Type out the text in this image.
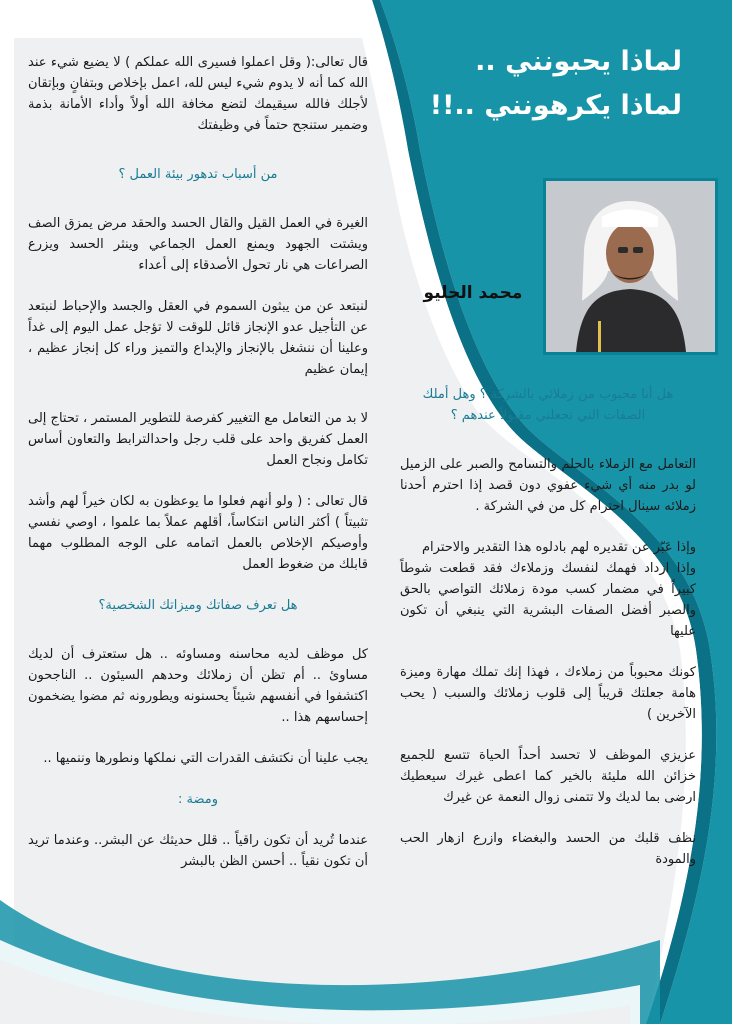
لماذا يحبونني ..
لماذا يكرهونني ..!!
محمد الحليو

قال تعالى:( وقل اعملوا فسيرى الله عملكم ) لا يضيع شيء عند الله كما أنه لا يدوم شيء ليس لله، اعمل بإخلاص وبتفانٍ وبإتقان لأجلك فالله سيقيمك لتضع مخافة الله أولاً وأداء الأمانة بذمة وضمير ستنجح حتماً في وظيفتك

من أسباب تدهور بيئة العمل ؟

الغيرة في العمل القيل والقال الحسد والحقد مرض يمزق الصف ويشتت الجهود ويمنع العمل الجماعي وينثر الحسد ويزرع الصراعات هي نار تحول الأصدقاء إلى أعداء

لنبتعد عن من يبثون السموم في العقل والجسد والإحباط لنبتعد عن التأجيل عدو الإنجاز قائل للوقت لا تؤجل عمل اليوم إلى غداً وعلينا أن ننشغل بالإنجاز والإبداع والتميز وراء كل إنجاز عظيم ، إيمان عظيم

لا بد من التعامل مع التغيير كفرصة للتطوير المستمر ، تحتاج إلى العمل كفريق واحد على قلب رجل واحدالترابط والتعاون أساس تكامل ونجاح العمل

قال تعالى : ( ولو أنهم فعلوا ما يوعظون به لكان خيراً لهم وأشد تثبيتاً ) أكثر الناس انتكاساً، أقلهم عملاً بما علموا ، اوصي نفسي وأوصيكم الإخلاص بالعمل اتمامه على الوجه المطلوب مهما قابلك من ضغوط العمل

هل تعرف صفاتك وميزاتك الشخصية؟

كل موظف لديه محاسنه ومساوئه .. هل ستعترف أن لديك مساوئ .. أم تظن أن زملائك وحدهم السيئون .. الناجحون اكتشفوا في أنفسهم شيئاً يحسنونه ويطورونه ثم مضوا يضخمون إحساسهم هذا ..

يجب علينا أن نكتشف القدرات التي نملكها ونطورها وننميها ..

ومضة :

عندما تُريد أن تكون راقياً .. قلل حديثك عن البشر.. وعندما تريد أن تكون نقياً .. أحسن الظن بالبشر

هل أنا محبوب من زملائي بالشركة ؟ وهل أملك الصفات التي تجعلني مقبولاً عندهم ؟

التعامل مع الزملاء بالحلم والتسامح والصبر على الزميل لو بدر منه أي شيء عفوي دون قصد إذا احترم أحدنا زملائه سينال احترام كل من في الشركة .

وإذا عَبّر عن تقديره لهم بادلوه هذا التقدير والاحترام

وإذا ازداد فهمك لنفسك وزملاءك فقد قطعت شوطاً كبيراً في مضمار كسب مودة زملائك التواصي بالحق والصبر أفضل الصفات البشرية التي ينبغي أن تكون عليها

كونك محبوباً من زملاءك ، فهذا إنك تملك مهارة وميزة هامة جعلتك قريباً إلى قلوب زملائك والسبب ( يحب الآخرين )

عزيزي الموظف لا تحسد أحداً الحياة تتسع للجميع خزائن الله مليئة بالخير كما اعطى غيرك سيعطيك ارضى بما لديك ولا تتمنى زوال النعمة عن غيرك

نظف قلبك من الحسد والبغضاء وازرع ازهار الحب والمودة
